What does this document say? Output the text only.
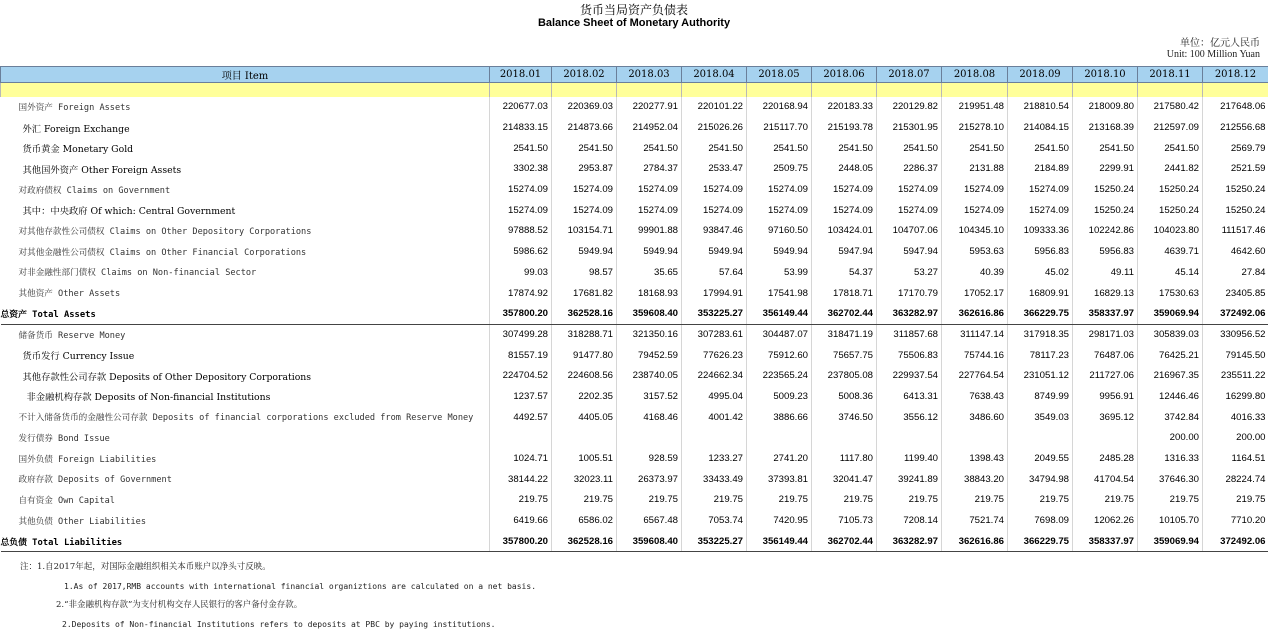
货币当局资产负债表
Balance Sheet of Monetary Authority
单位：亿元人民币
Unit: 100 Million Yuan
项目 Item	2018.01	2018.02	2018.03	2018.04	2018.05	2018.06	2018.07	2018.08	2018.09	2018.10	2018.11	2018.12

国外资产 Foreign Assets	220677.03	220369.03	220277.91	220101.22	220168.94	220183.33	220129.82	219951.48	218810.54	218009.80	217580.42	217648.06
外汇 Foreign Exchange	214833.15	214873.66	214952.04	215026.26	215117.70	215193.78	215301.95	215278.10	214084.15	213168.39	212597.09	212556.68
货币黄金 Monetary Gold	2541.50	2541.50	2541.50	2541.50	2541.50	2541.50	2541.50	2541.50	2541.50	2541.50	2541.50	2569.79
其他国外资产 Other Foreign Assets	3302.38	2953.87	2784.37	2533.47	2509.75	2448.05	2286.37	2131.88	2184.89	2299.91	2441.82	2521.59
对政府债权 Claims on Government	15274.09	15274.09	15274.09	15274.09	15274.09	15274.09	15274.09	15274.09	15274.09	15250.24	15250.24	15250.24
其中：中央政府 Of which: Central Government	15274.09	15274.09	15274.09	15274.09	15274.09	15274.09	15274.09	15274.09	15274.09	15250.24	15250.24	15250.24
对其他存款性公司债权 Claims on Other Depository Corporations	97888.52	103154.71	99901.88	93847.46	97160.50	103424.01	104707.06	104345.10	109333.36	102242.86	104023.80	111517.46
对其他金融性公司债权 Claims on Other Financial Corporations	5986.62	5949.94	5949.94	5949.94	5949.94	5947.94	5947.94	5953.63	5956.83	5956.83	4639.71	4642.60
对非金融性部门债权 Claims on Non-financial Sector	99.03	98.57	35.65	57.64	53.99	54.37	53.27	40.39	45.02	49.11	45.14	27.84
其他资产 Other Assets	17874.92	17681.82	18168.93	17994.91	17541.98	17818.71	17170.79	17052.17	16809.91	16829.13	17530.63	23405.85
总资产 Total Assets	357800.20	362528.16	359608.40	353225.27	356149.44	362702.44	363282.97	362616.86	366229.75	358337.97	359069.94	372492.06
储备货币 Reserve Money	307499.28	318288.71	321350.16	307283.61	304487.07	318471.19	311857.68	311147.14	317918.35	298171.03	305839.03	330956.52
货币发行 Currency Issue	81557.19	91477.80	79452.59	77626.23	75912.60	75657.75	75506.83	75744.16	78117.23	76487.06	76425.21	79145.50
其他存款性公司存款 Deposits of Other Depository Corporations	224704.52	224608.56	238740.05	224662.34	223565.24	237805.08	229937.54	227764.54	231051.12	211727.06	216967.35	235511.22
非金融机构存款 Deposits of Non-financial Institutions	1237.57	2202.35	3157.52	4995.04	5009.23	5008.36	6413.31	7638.43	8749.99	9956.91	12446.46	16299.80
不计入储备货币的金融性公司存款 Deposits of financial corporations excluded from Reserve Money	4492.57	4405.05	4168.46	4001.42	3886.66	3746.50	3556.12	3486.60	3549.03	3695.12	3742.84	4016.33
发行债券 Bond Issue											200.00	200.00
国外负债 Foreign Liabilities	1024.71	1005.51	928.59	1233.27	2741.20	1117.80	1199.40	1398.43	2049.55	2485.28	1316.33	1164.51
政府存款 Deposits of Government	38144.22	32023.11	26373.97	33433.49	37393.81	32041.47	39241.89	38843.20	34794.98	41704.54	37646.30	28224.74
自有资金 Own Capital	219.75	219.75	219.75	219.75	219.75	219.75	219.75	219.75	219.75	219.75	219.75	219.75
其他负债 Other Liabilities	6419.66	6586.02	6567.48	7053.74	7420.95	7105.73	7208.14	7521.74	7698.09	12062.26	10105.70	7710.20
总负债 Total Liabilities	357800.20	362528.16	359608.40	353225.27	356149.44	362702.44	363282.97	362616.86	366229.75	358337.97	359069.94	372492.06
注：1.自2017年起，对国际金融组织相关本币账户以净头寸反映。
1.As of 2017,RMB accounts with international financial organiztions are calculated on a net basis.
2.“非金融机构存款”为支付机构交存人民银行的客户备付金存款。
2.Deposits of Non-financial Institutions refers to deposits at PBC by paying institutions.
